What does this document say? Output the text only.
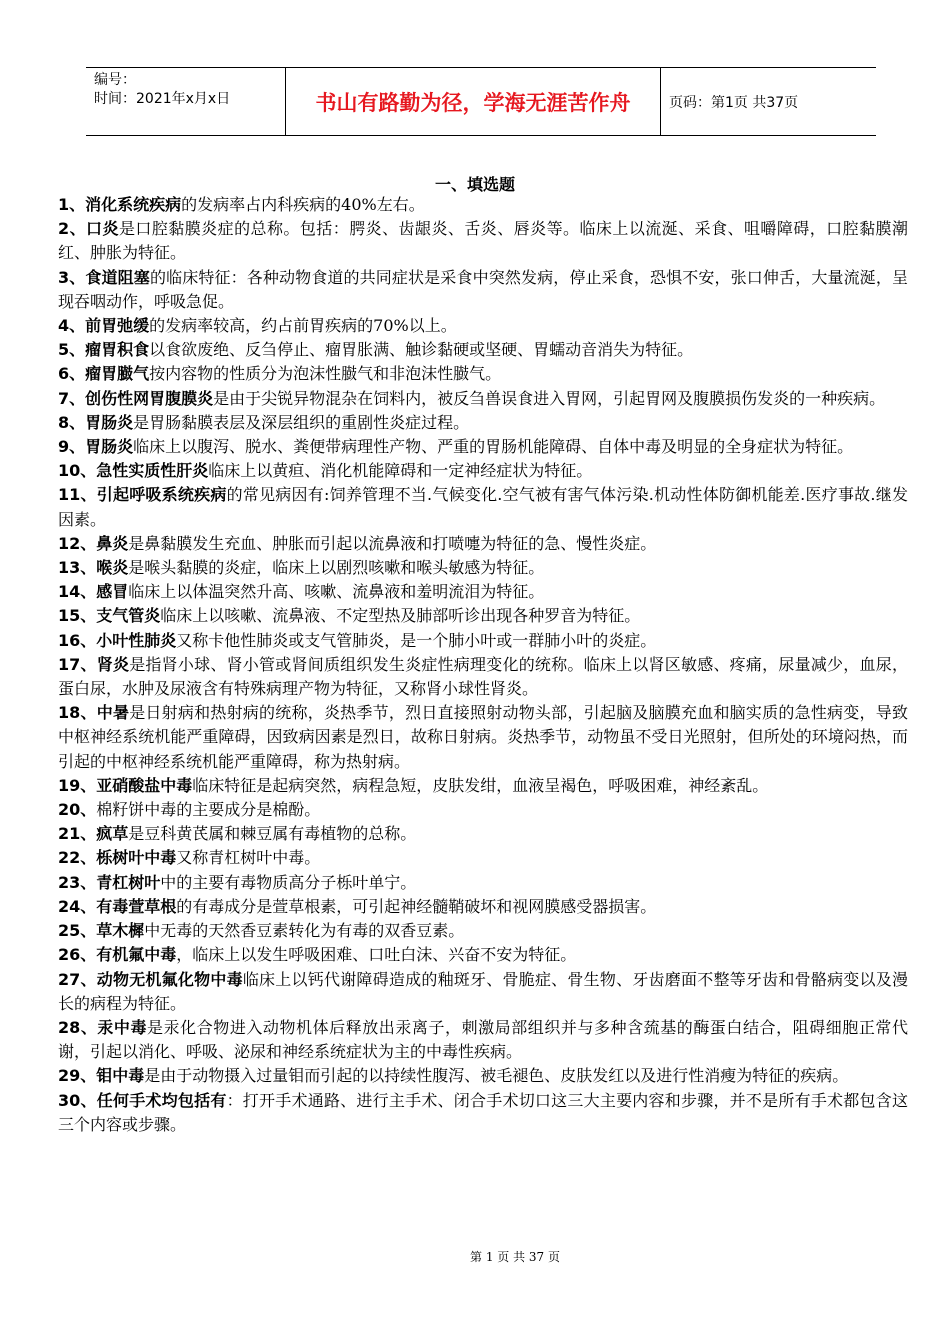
编号：
时间：2021年x月x日	书山有路勤为径，学海无涯苦作舟	页码：第1页 共37页
一、填选题

1、消化系统疾病的发病率占内科疾病的40%左右。

2、口炎是口腔黏膜炎症的总称。包括：腭炎、齿龈炎、舌炎、唇炎等。临床上以流涎、采食、咀嚼障碍，口腔黏膜潮红、肿胀为特征。

3、食道阻塞的临床特征：各种动物食道的共同症状是采食中突然发病，停止采食，恐惧不安，张口伸舌，大量流涎，呈现吞咽动作，呼吸急促。

4、前胃弛缓的发病率较高，约占前胃疾病的70%以上。

5、瘤胃积食以食欲废绝、反刍停止、瘤胃胀满、触诊黏硬或坚硬、胃蠕动音消失为特征。

6、瘤胃臌气按内容物的性质分为泡沫性臌气和非泡沫性臌气。

7、创伤性网胃腹膜炎是由于尖锐异物混杂在饲料内，被反刍兽误食进入胃网，引起胃网及腹膜损伤发炎的一种疾病。

8、胃肠炎是胃肠黏膜表层及深层组织的重剧性炎症过程。

9、胃肠炎临床上以腹泻、脱水、粪便带病理性产物、严重的胃肠机能障碍、自体中毒及明显的全身症状为特征。

10、急性实质性肝炎临床上以黄疸、消化机能障碍和一定神经症状为特征。

11、引起呼吸系统疾病的常见病因有:饲养管理不当.气候变化.空气被有害气体污染.机动性体防御机能差.医疗事故.继发因素。

12、鼻炎是鼻黏膜发生充血、肿胀而引起以流鼻液和打喷嚏为特征的急、慢性炎症。

13、喉炎是喉头黏膜的炎症，临床上以剧烈咳嗽和喉头敏感为特征。

14、感冒临床上以体温突然升高、咳嗽、流鼻液和羞明流泪为特征。

15、支气管炎临床上以咳嗽、流鼻液、不定型热及肺部听诊出现各种罗音为特征。

16、小叶性肺炎又称卡他性肺炎或支气管肺炎，是一个肺小叶或一群肺小叶的炎症。

17、肾炎是指肾小球、肾小管或肾间质组织发生炎症性病理变化的统称。临床上以肾区敏感、疼痛，尿量减少，血尿，蛋白尿，水肿及尿液含有特殊病理产物为特征，又称肾小球性肾炎。

18、中暑是日射病和热射病的统称，炎热季节，烈日直接照射动物头部，引起脑及脑膜充血和脑实质的急性病变，导致中枢神经系统机能严重障碍，因致病因素是烈日，故称日射病。炎热季节，动物虽不受日光照射，但所处的环境闷热，而引起的中枢神经系统机能严重障碍，称为热射病。

19、亚硝酸盐中毒临床特征是起病突然，病程急短，皮肤发绀，血液呈褐色，呼吸困难，神经紊乱。

20、棉籽饼中毒的主要成分是棉酚。

21、疯草是豆科黄芪属和棘豆属有毒植物的总称。

22、栎树叶中毒又称青杠树叶中毒。

23、青杠树叶中的主要有毒物质高分子栎叶单宁。

24、有毒萱草根的有毒成分是萱草根素，可引起神经髓鞘破坏和视网膜感受器损害。

25、草木樨中无毒的天然香豆素转化为有毒的双香豆素。

26、有机氟中毒，临床上以发生呼吸困难、口吐白沫、兴奋不安为特征。

27、动物无机氟化物中毒临床上以钙代谢障碍造成的釉斑牙、骨脆症、骨生物、牙齿磨面不整等牙齿和骨骼病变以及漫长的病程为特征。

28、汞中毒是汞化合物进入动物机体后释放出汞离子，刺激局部组织并与多种含巯基的酶蛋白结合，阻碍细胞正常代谢，引起以消化、呼吸、泌尿和神经系统症状为主的中毒性疾病。

29、钼中毒是由于动物摄入过量钼而引起的以持续性腹泻、被毛褪色、皮肤发红以及进行性消瘦为特征的疾病。

30、任何手术均包括有：打开手术通路、进行主手术、闭合手术切口这三大主要内容和步骤，并不是所有手术都包含这三个内容或步骤。

第 1 页 共 37 页
